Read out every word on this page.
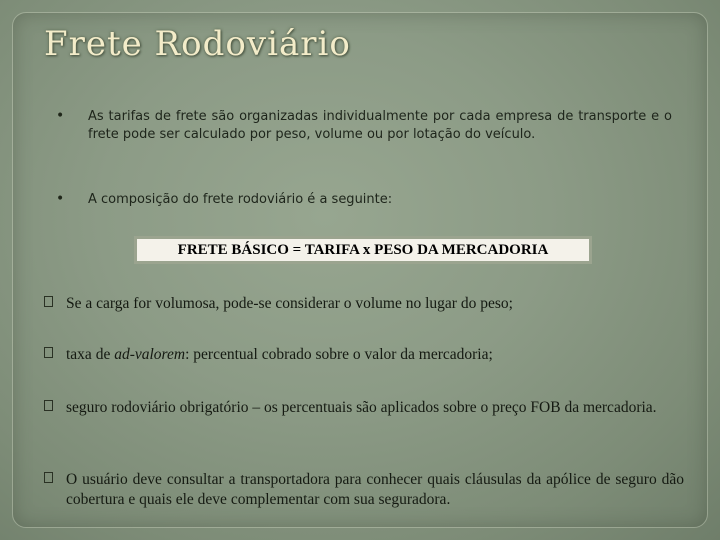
Frete Rodoviário
• As tarifas de frete são organizadas individualmente por cada empresa de transporte e o frete pode ser calculado por peso, volume ou por lotação do veículo.
• A composição do frete rodoviário é a seguinte:
FRETE BÁSICO = TARIFA x PESO DA MERCADORIA
Se a carga for volumosa, pode-se considerar o volume no lugar do peso;
taxa de ad-valorem: percentual cobrado sobre o valor da mercadoria;
seguro rodoviário obrigatório – os percentuais são aplicados sobre o preço FOB da mercadoria.
O usuário deve consultar a transportadora para conhecer quais cláusulas da apólice de seguro dão cobertura e quais ele deve complementar com sua seguradora.
